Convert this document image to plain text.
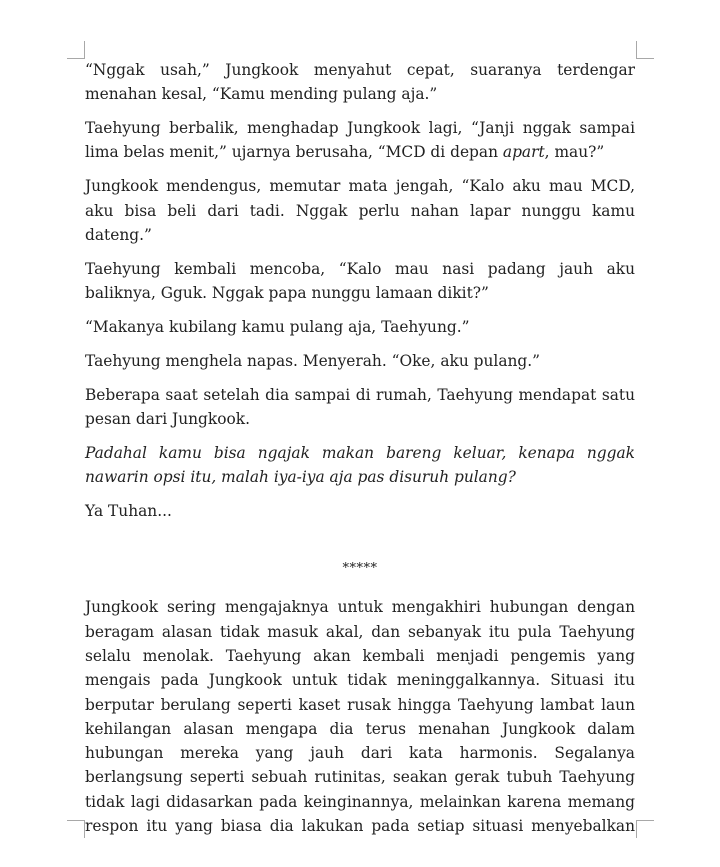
“Nggak usah,” Jungkook menyahut cepat, suaranya terdengar menahan kesal, “Kamu mending pulang aja.”

Taehyung berbalik, menghadap Jungkook lagi, “Janji nggak sampai lima belas menit,” ujarnya berusaha, “MCD di depan apart, mau?”

Jungkook mendengus, memutar mata jengah, “Kalo aku mau MCD, aku bisa beli dari tadi. Nggak perlu nahan lapar nunggu kamu dateng.”

Taehyung kembali mencoba, “Kalo mau nasi padang jauh aku baliknya, Gguk. Nggak papa nunggu lamaan dikit?”

“Makanya kubilang kamu pulang aja, Taehyung.”

Taehyung menghela napas. Menyerah. “Oke, aku pulang.”

Beberapa saat setelah dia sampai di rumah, Taehyung mendapat satu pesan dari Jungkook.

Padahal kamu bisa ngajak makan bareng keluar, kenapa nggak nawarin opsi itu, malah iya-iya aja pas disuruh pulang?

Ya Tuhan...

*****

Jungkook sering mengajaknya untuk mengakhiri hubungan dengan beragam alasan tidak masuk akal, dan sebanyak itu pula Taehyung selalu menolak. Taehyung akan kembali menjadi pengemis yang mengais pada Jungkook untuk tidak meninggalkannya. Situasi itu berputar berulang seperti kaset rusak hingga Taehyung lambat laun kehilangan alasan mengapa dia terus menahan Jungkook dalam hubungan mereka yang jauh dari kata harmonis. Segalanya berlangsung seperti sebuah rutinitas, seakan gerak tubuh Taehyung tidak lagi didasarkan pada keinginannya, melainkan karena memang respon itu yang biasa dia lakukan pada setiap situasi menyebalkan
